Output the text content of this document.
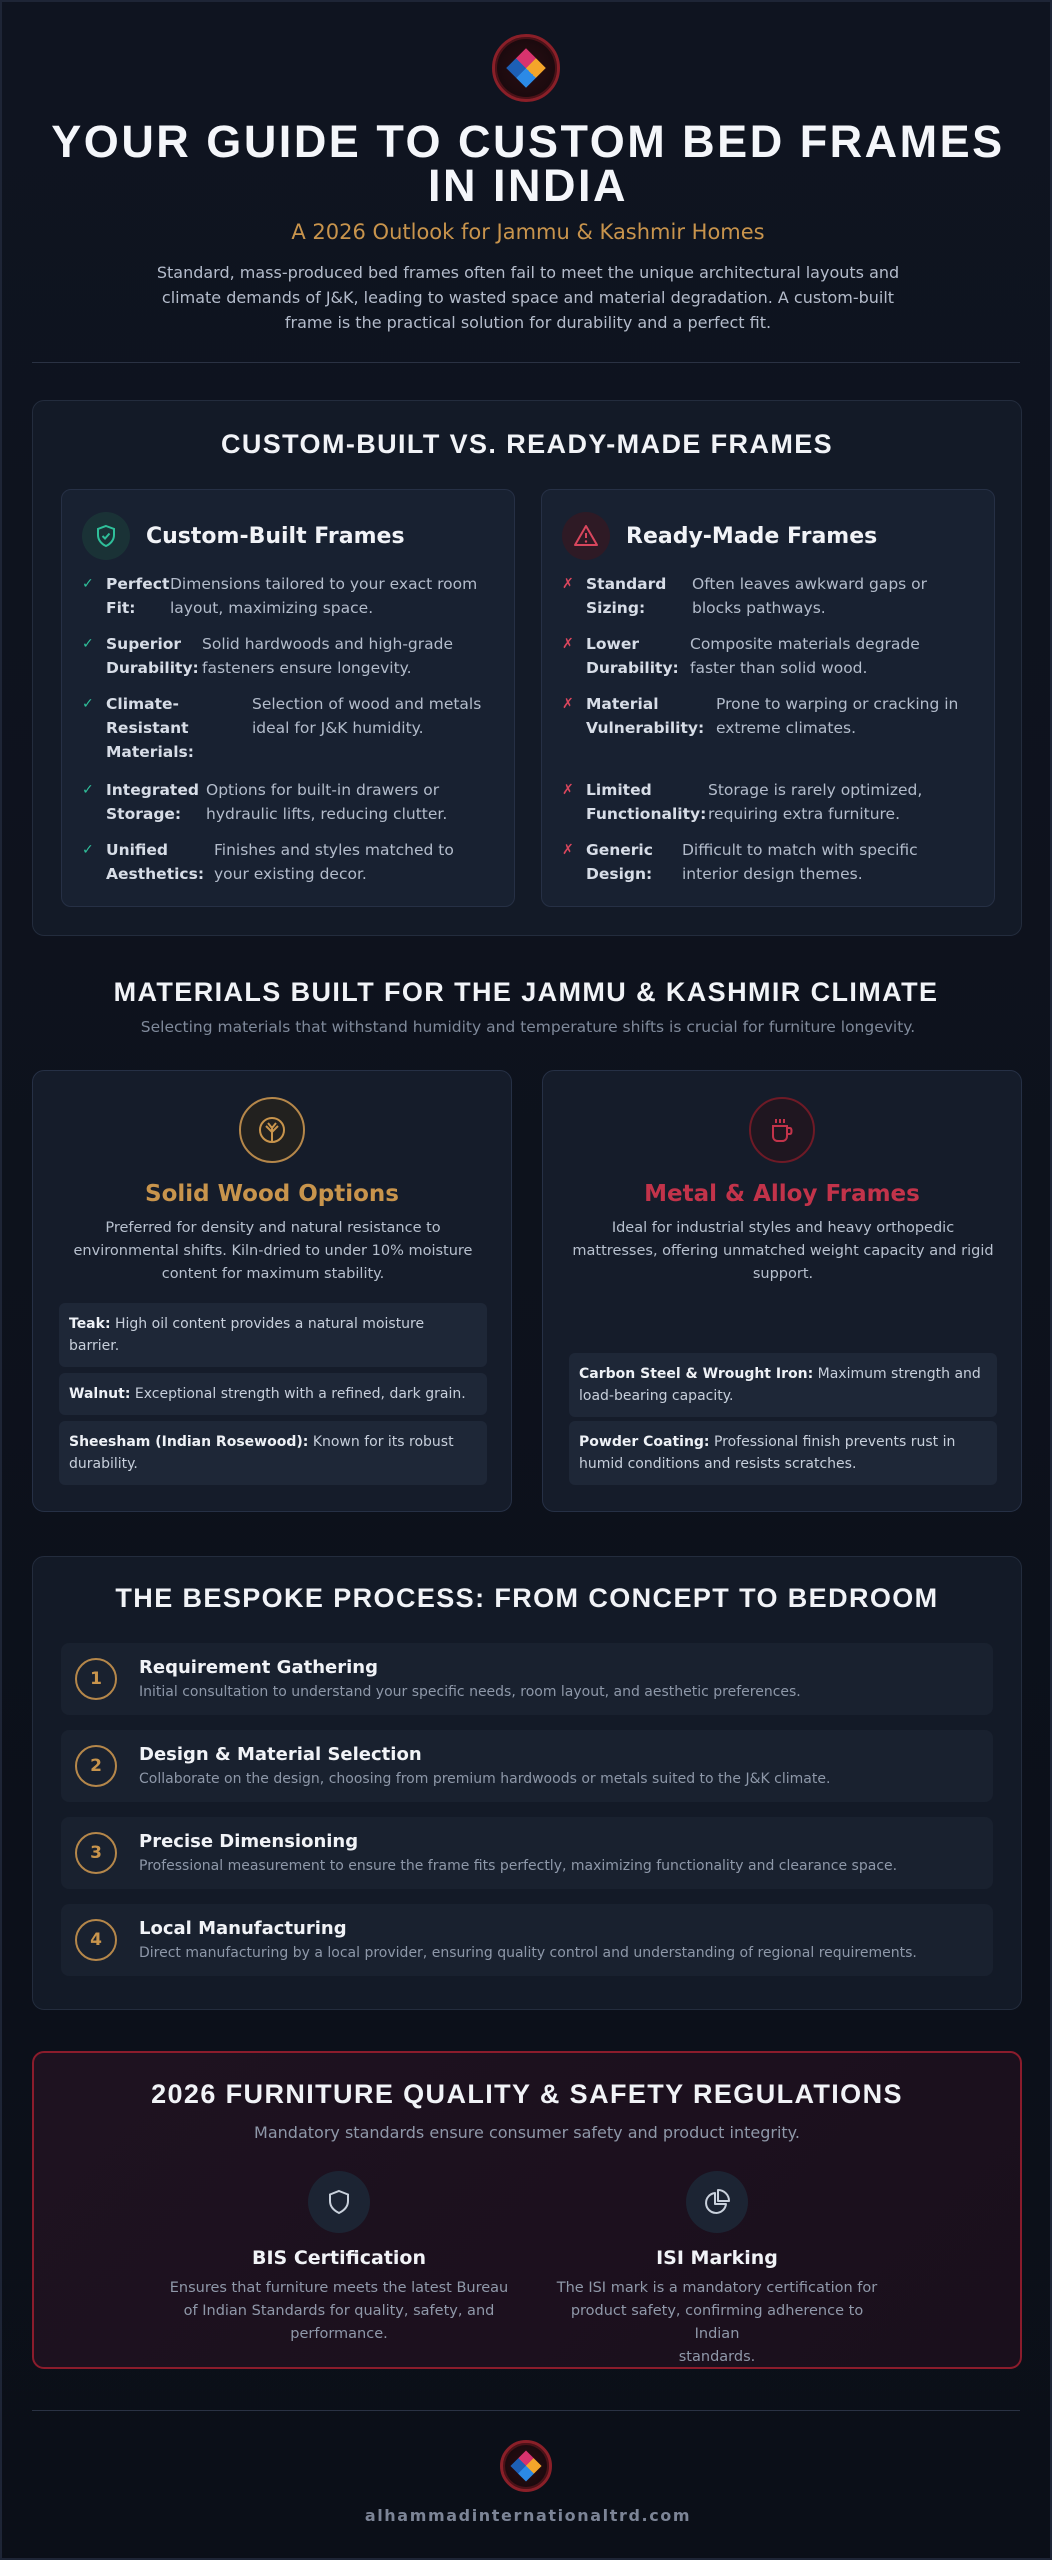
YOUR GUIDE TO CUSTOM BED FRAMES
IN INDIA
A 2026 Outlook for Jammu & Kashmir Homes
Standard, mass-produced bed frames often fail to meet the unique architectural layouts and climate demands of J&K, leading to wasted space and material degradation. A custom-built frame is the practical solution for durability and a perfect fit.
CUSTOM-BUILT VS. READY-MADE FRAMES
Custom-Built Frames
✓ Perfect
Fit:
Dimensions tailored to your exact room
layout, maximizing space.
✓ Superior
Durability:
Solid hardwoods and high-grade
fasteners ensure longevity.
✓ Climate-
Resistant
Materials:
Selection of wood and metals
ideal for J&K humidity.
✓ Integrated
Storage:
Options for built-in drawers or
hydraulic lifts, reducing clutter.
✓ Unified
Aesthetics:
Finishes and styles matched to
your existing decor.
Ready-Made Frames
✗ Standard
Sizing:
Often leaves awkward gaps or
blocks pathways.
✗ Lower
Durability:
Composite materials degrade
faster than solid wood.
✗ Material
Vulnerability:
Prone to warping or cracking in
extreme climates.
✗ Limited
Functionality:
Storage is rarely optimized,
requiring extra furniture.
✗ Generic
Design:
Difficult to match with specific
interior design themes.
MATERIALS BUILT FOR THE JAMMU & KASHMIR CLIMATE
Selecting materials that withstand humidity and temperature shifts is crucial for furniture longevity.
Solid Wood Options
Preferred for density and natural resistance to environmental shifts. Kiln-dried to under 10% moisture content for maximum stability.
Teak: High oil content provides a natural moisture barrier.
Walnut: Exceptional strength with a refined, dark grain.
Sheesham (Indian Rosewood): Known for its robust durability.
Metal & Alloy Frames
Ideal for industrial styles and heavy orthopedic mattresses, offering unmatched weight capacity and rigid support.
Carbon Steel & Wrought Iron: Maximum strength and load-bearing capacity.
Powder Coating: Professional finish prevents rust in humid conditions and resists scratches.
THE BESPOKE PROCESS: FROM CONCEPT TO BEDROOM
1
Requirement Gathering
Initial consultation to understand your specific needs, room layout, and aesthetic preferences.
2
Design & Material Selection
Collaborate on the design, choosing from premium hardwoods or metals suited to the J&K climate.
3
Precise Dimensioning
Professional measurement to ensure the frame fits perfectly, maximizing functionality and clearance space.
4
Local Manufacturing
Direct manufacturing by a local provider, ensuring quality control and understanding of regional requirements.
2026 FURNITURE QUALITY & SAFETY REGULATIONS
Mandatory standards ensure consumer safety and product integrity.
BIS Certification
Ensures that furniture meets the latest Bureau
of Indian Standards for quality, safety, and
performance.
ISI Marking
The ISI mark is a mandatory certification for
product safety, confirming adherence to Indian
standards.
alhammadinternationaltrd.com
